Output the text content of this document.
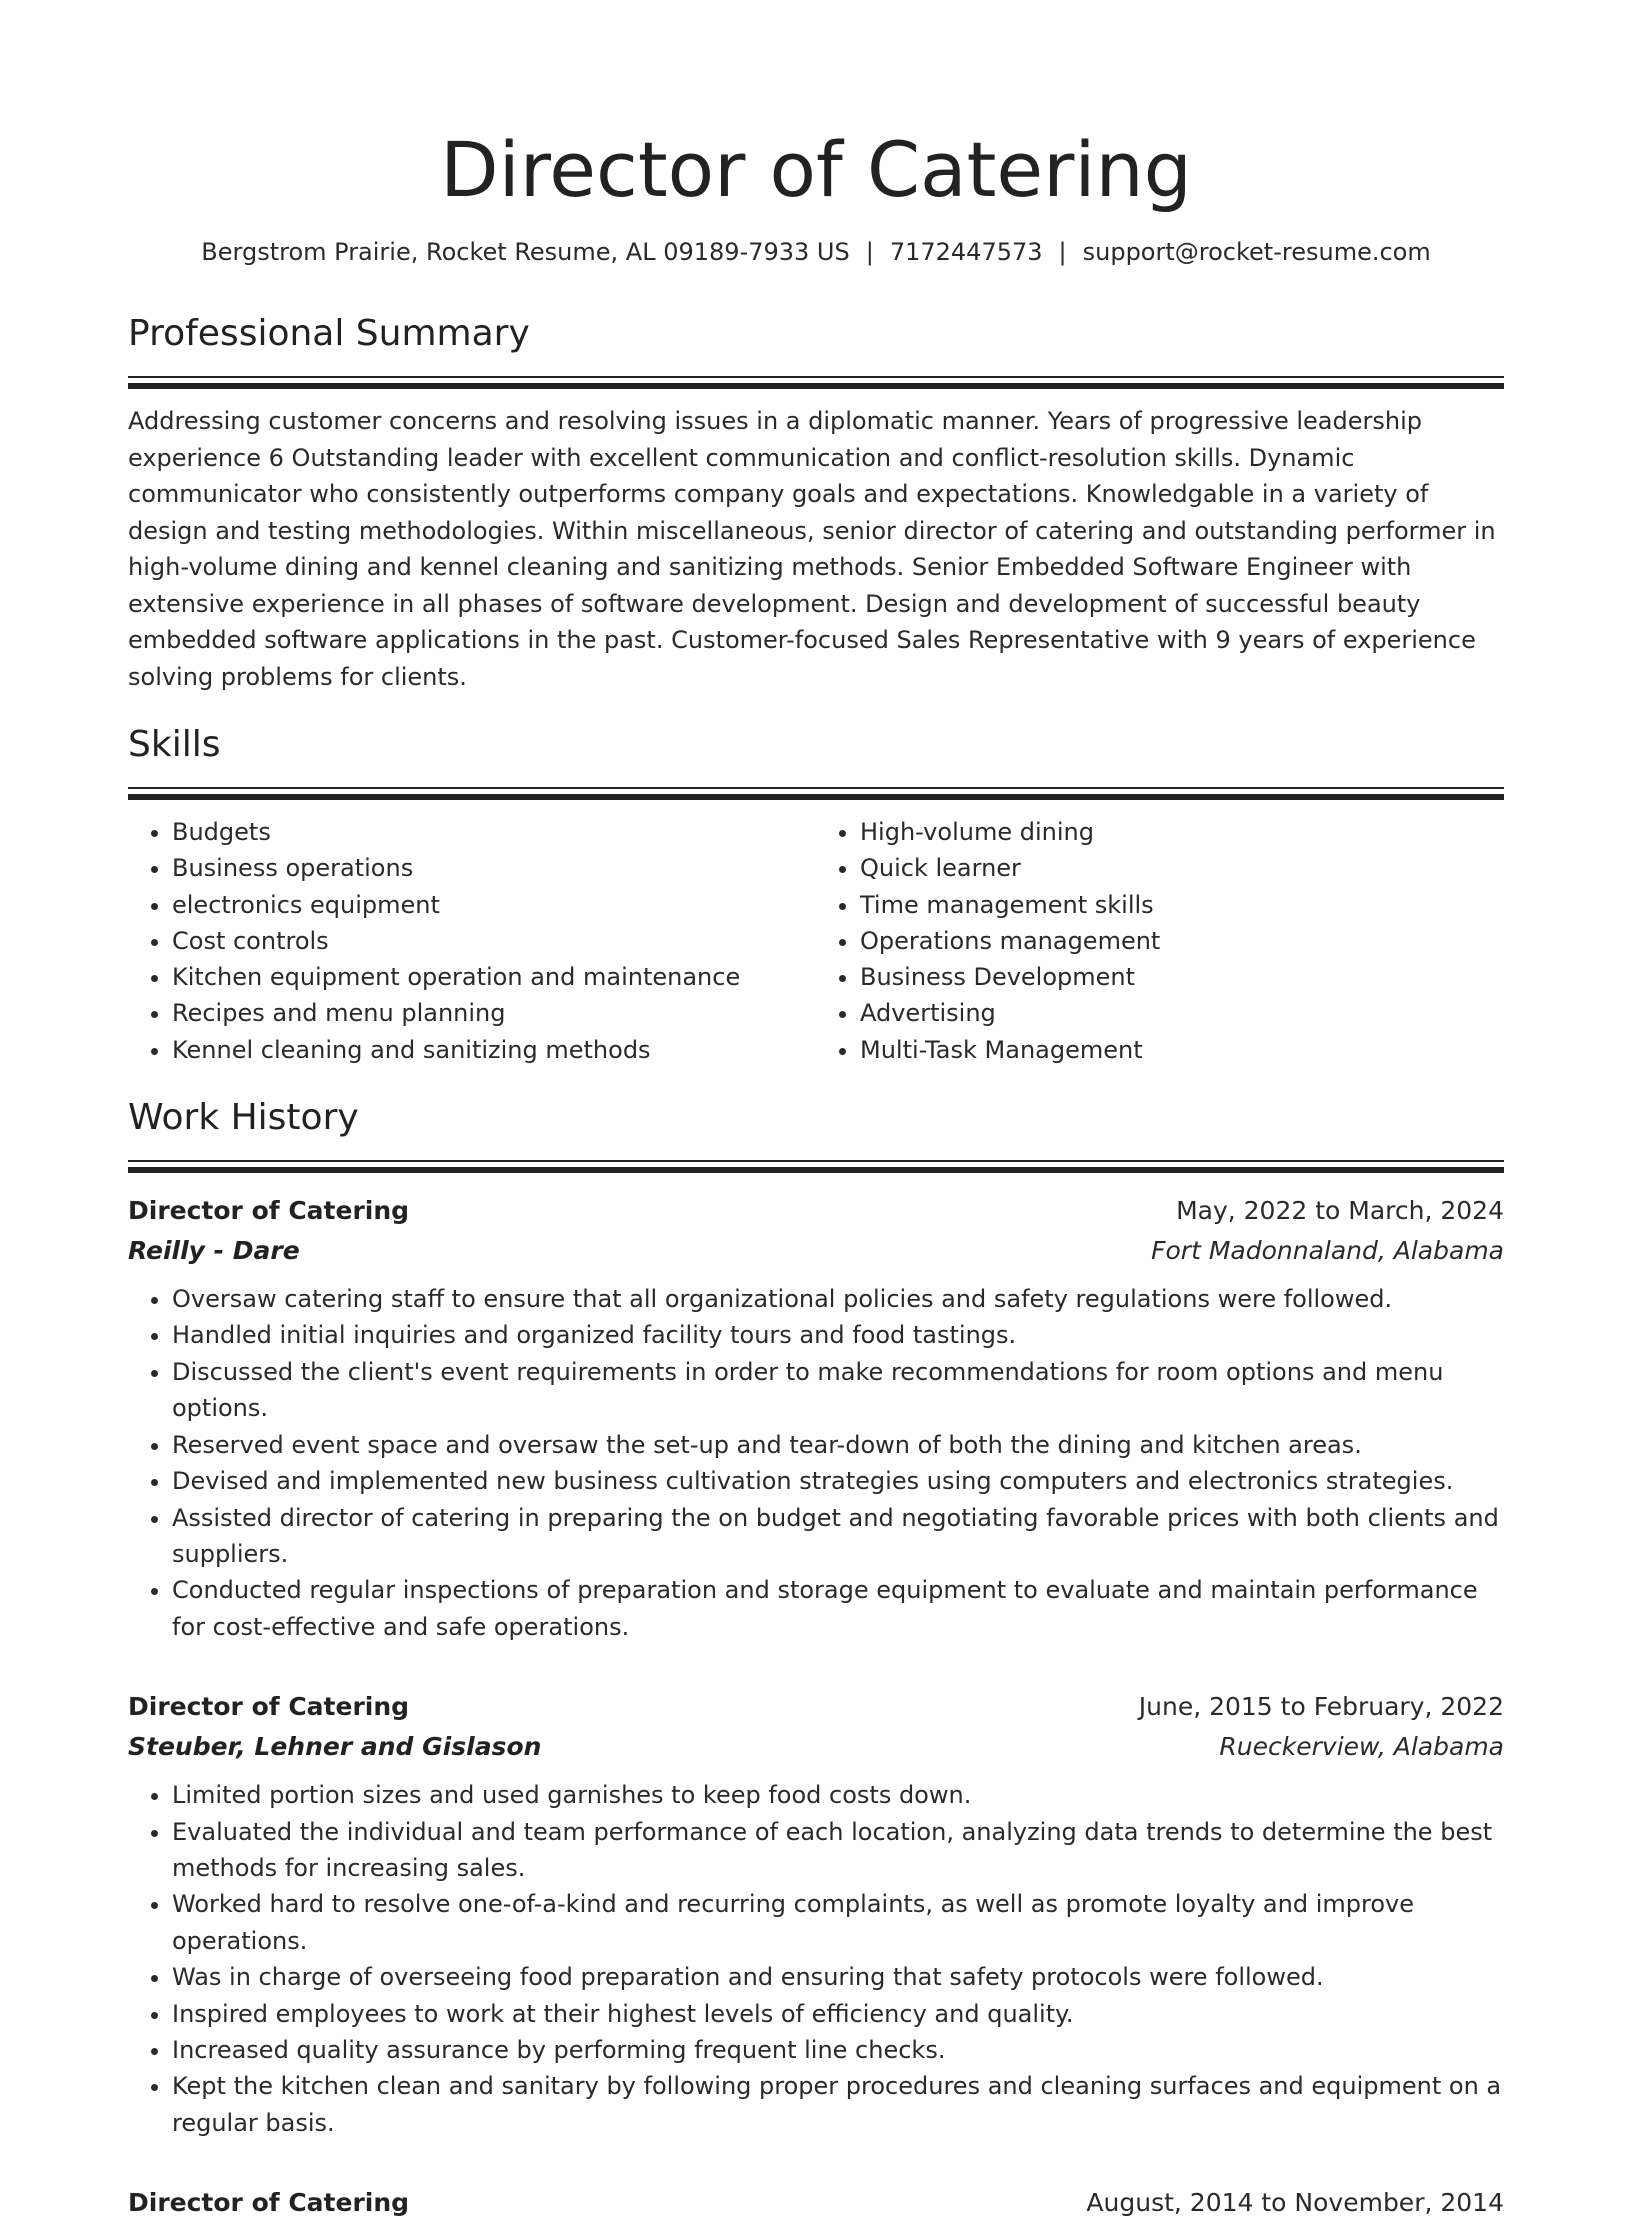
Director of Catering
Bergstrom Prairie, Rocket Resume, AL 09189-7933 US | 7172447573 | support@rocket-resume.com
Professional Summary

Addressing customer concerns and resolving issues in a diplomatic manner. Years of progressive leadership experience 6 Outstanding leader with excellent communication and conflict-resolution skills. Dynamic communicator who consistently outperforms company goals and expectations. Knowledgable in a variety of design and testing methodologies. Within miscellaneous, senior director of catering and outstanding performer in high-volume dining and kennel cleaning and sanitizing methods. Senior Embedded Software Engineer with extensive experience in all phases of software development. Design and development of successful beauty embedded software applications in the past. Customer-focused Sales Representative with 9 years of experience solving problems for clients.

Skills
• Budgets
• Business operations
• electronics equipment
• Cost controls
• Kitchen equipment operation and maintenance
• Recipes and menu planning
• Kennel cleaning and sanitizing methods
• High-volume dining
• Quick learner
• Time management skills
• Operations management
• Business Development
• Advertising
• Multi-Task Management
Work History
Director of Catering	May, 2022 to March, 2024
Reilly - Dare	Fort Madonnaland, Alabama
• Oversaw catering staff to ensure that all organizational policies and safety regulations were followed.
• Handled initial inquiries and organized facility tours and food tastings.
• Discussed the client's event requirements in order to make recommendations for room options and menu options.
• Reserved event space and oversaw the set-up and tear-down of both the dining and kitchen areas.
• Devised and implemented new business cultivation strategies using computers and electronics strategies.
• Assisted director of catering in preparing the on budget and negotiating favorable prices with both clients and suppliers.
• Conducted regular inspections of preparation and storage equipment to evaluate and maintain performance for cost-effective and safe operations.
Director of Catering	June, 2015 to February, 2022
Steuber, Lehner and Gislason	Rueckerview, Alabama
• Limited portion sizes and used garnishes to keep food costs down.
• Evaluated the individual and team performance of each location, analyzing data trends to determine the best methods for increasing sales.
• Worked hard to resolve one-of-a-kind and recurring complaints, as well as promote loyalty and improve operations.
• Was in charge of overseeing food preparation and ensuring that safety protocols were followed.
• Inspired employees to work at their highest levels of efficiency and quality.
• Increased quality assurance by performing frequent line checks.
• Kept the kitchen clean and sanitary by following proper procedures and cleaning surfaces and equipment on a regular basis.
Director of Catering	August, 2014 to November, 2014
